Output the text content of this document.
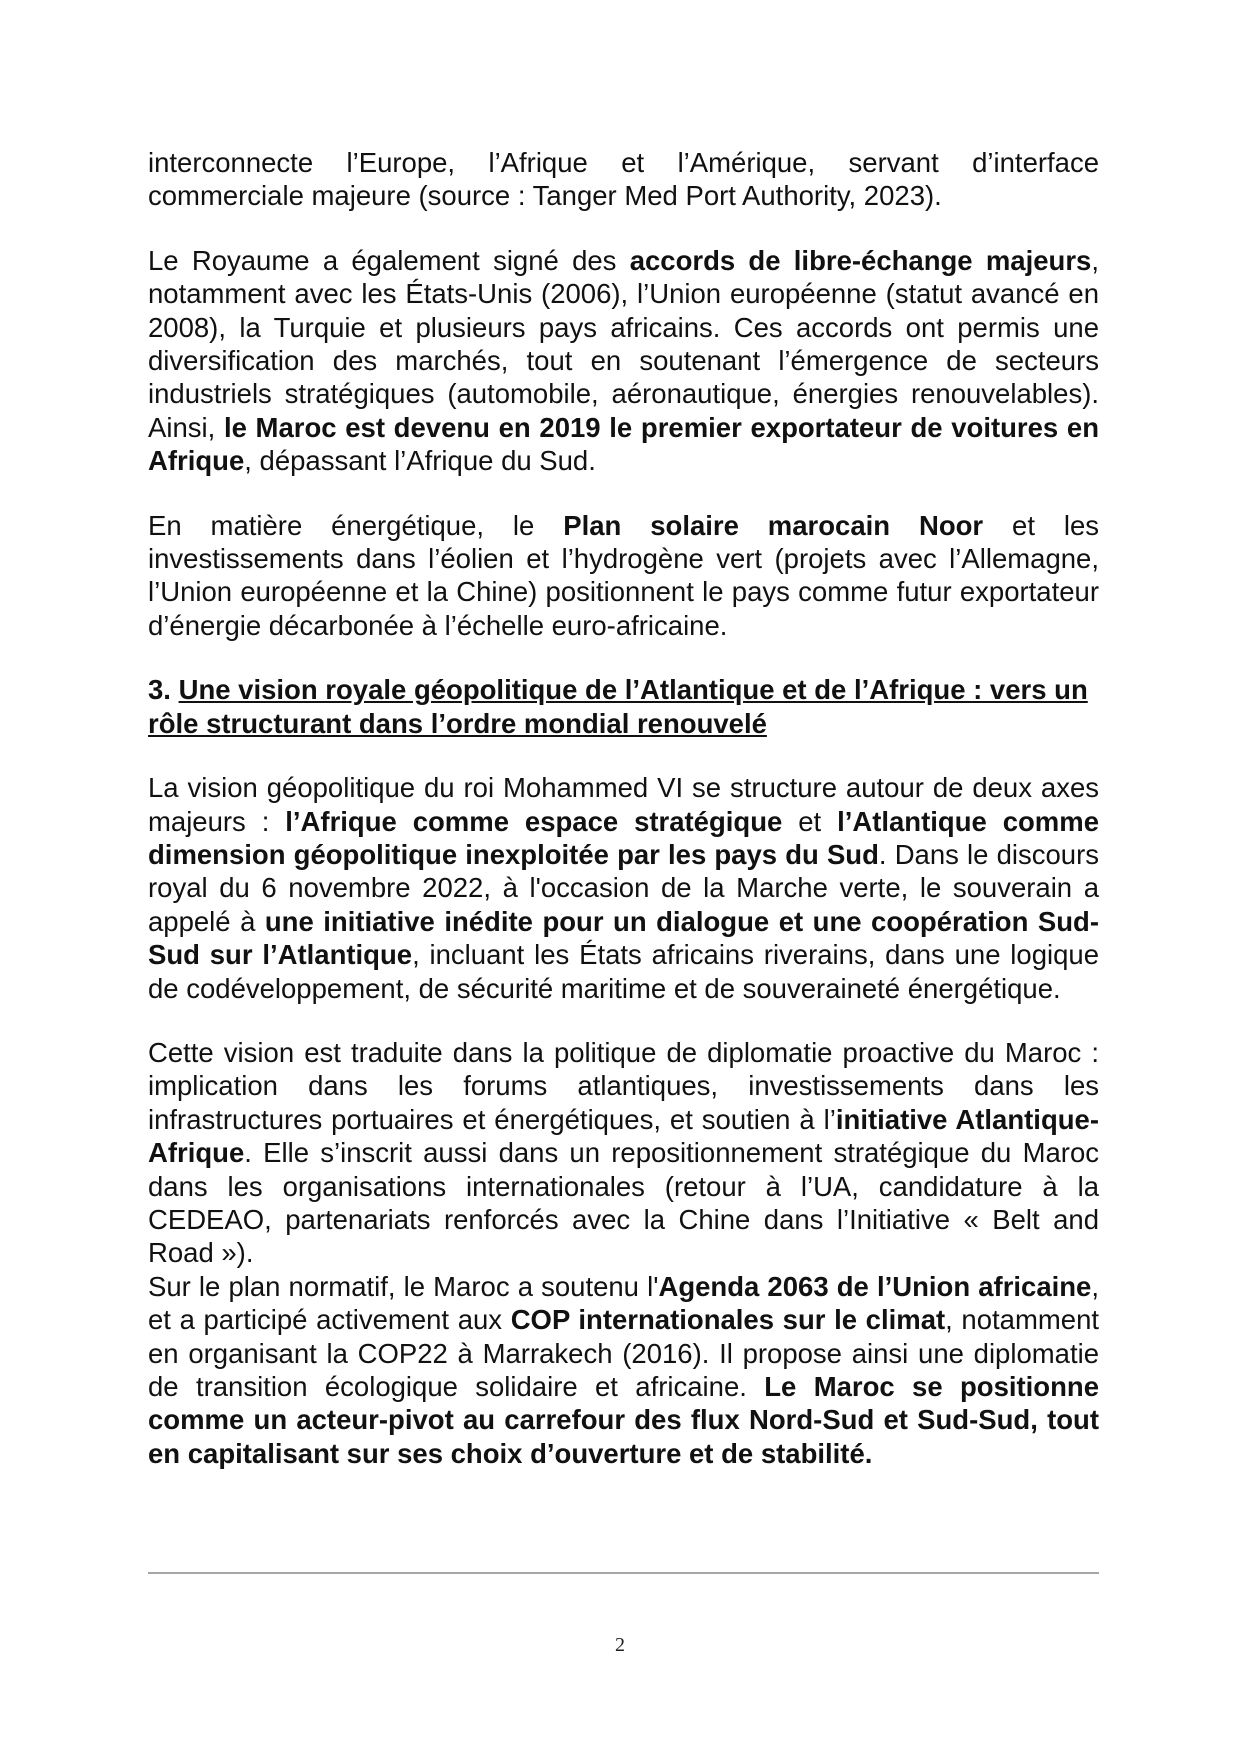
interconnecte l’Europe, l’Afrique et l’Amérique, servant d’interface commerciale majeure (source : Tanger Med Port Authority, 2023).

Le Royaume a également signé des accords de libre-échange majeurs, notamment avec les États-Unis (2006), l’Union européenne (statut avancé en 2008), la Turquie et plusieurs pays africains. Ces accords ont permis une diversification des marchés, tout en soutenant l’émergence de secteurs industriels stratégiques (automobile, aéronautique, énergies renouvelables). Ainsi, le Maroc est devenu en 2019 le premier exportateur de voitures en Afrique, dépassant l’Afrique du Sud.

En matière énergétique, le Plan solaire marocain Noor et les investissements dans l’éolien et l’hydrogène vert (projets avec l’Allemagne, l’Union européenne et la Chine) positionnent le pays comme futur exportateur d’énergie décarbonée à l’échelle euro-africaine.

3. Une vision royale géopolitique de l’Atlantique et de l’Afrique : vers un rôle structurant dans l’ordre mondial renouvelé

La vision géopolitique du roi Mohammed VI se structure autour de deux axes majeurs : l’Afrique comme espace stratégique et l’Atlantique comme dimension géopolitique inexploitée par les pays du Sud. Dans le discours royal du 6 novembre 2022, à l'occasion de la Marche verte, le souverain a appelé à une initiative inédite pour un dialogue et une coopération Sud-Sud sur l’Atlantique, incluant les États africains riverains, dans une logique de codéveloppement, de sécurité maritime et de souveraineté énergétique.

Cette vision est traduite dans la politique de diplomatie proactive du Maroc : implication dans les forums atlantiques, investissements dans les infrastructures portuaires et énergétiques, et soutien à l’initiative Atlantique-Afrique. Elle s’inscrit aussi dans un repositionnement stratégique du Maroc dans les organisations internationales (retour à l’UA, candidature à la CEDEAO, partenariats renforcés avec la Chine dans l’Initiative « Belt and Road »).

Sur le plan normatif, le Maroc a soutenu l'Agenda 2063 de l’Union africaine, et a participé activement aux COP internationales sur le climat, notamment en organisant la COP22 à Marrakech (2016). Il propose ainsi une diplomatie de transition écologique solidaire et africaine. Le Maroc se positionne comme un acteur-pivot au carrefour des flux Nord-Sud et Sud-Sud, tout en capitalisant sur ses choix d’ouverture et de stabilité.

2
